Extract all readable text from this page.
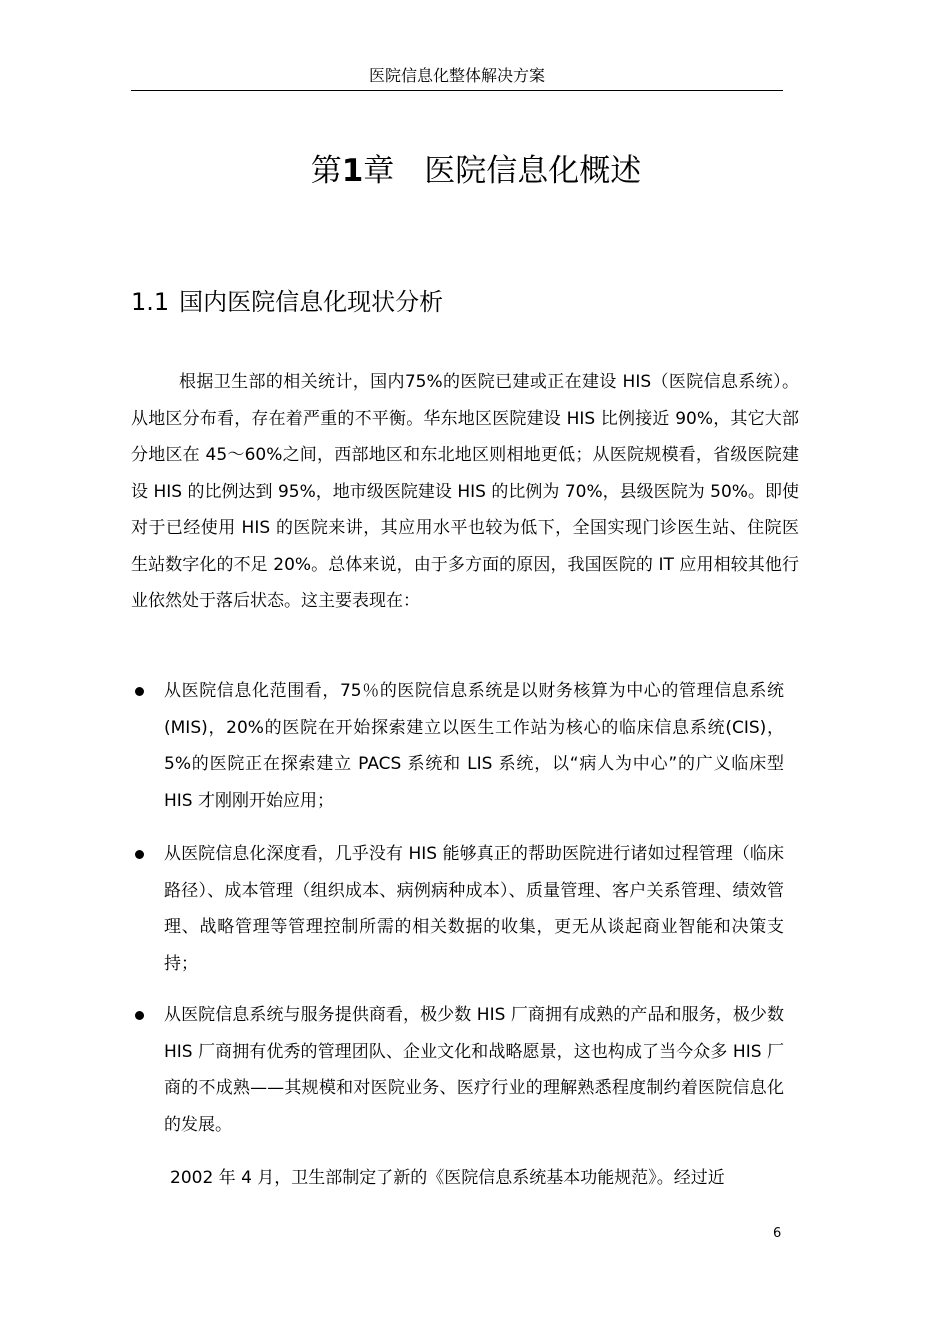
医院信息化整体解决方案
第1章 医院信息化概述
1.1 国内医院信息化现状分析
根据卫生部的相关统计，国内75%的医院已建或正在建设 HIS（医院信息系统）。从地区分布看，存在着严重的不平衡。华东地区医院建设 HIS 比例接近 90%，其它大部分地区在 45～60%之间，西部地区和东北地区则相地更低；从医院规模看，省级医院建设 HIS 的比例达到 95%，地市级医院建设 HIS 的比例为 70%，县级医院为 50%。即使对于已经使用 HIS 的医院来讲，其应用水平也较为低下，全国实现门诊医生站、住院医生站数字化的不足 20%。总体来说，由于多方面的原因，我国医院的 IT 应用相较其他行业依然处于落后状态。这主要表现在：
从医院信息化范围看，75％的医院信息系统是以财务核算为中心的管理信息系统(MIS)，20%的医院在开始探索建立以医生工作站为核心的临床信息系统(CIS)，5%的医院正在探索建立 PACS 系统和 LIS 系统，以“病人为中心”的广义临床型 HIS 才刚刚开始应用；
从医院信息化深度看，几乎没有 HIS 能够真正的帮助医院进行诸如过程管理（临床路径）、成本管理（组织成本、病例病种成本）、质量管理、客户关系管理、绩效管理、战略管理等管理控制所需的相关数据的收集，更无从谈起商业智能和决策支持；
从医院信息系统与服务提供商看，极少数 HIS 厂商拥有成熟的产品和服务，极少数 HIS 厂商拥有优秀的管理团队、企业文化和战略愿景，这也构成了当今众多 HIS 厂商的不成熟——其规模和对医院业务、医疗行业的理解熟悉程度制约着医院信息化的发展。
2002 年 4 月，卫生部制定了新的《医院信息系统基本功能规范》。经过近
6
